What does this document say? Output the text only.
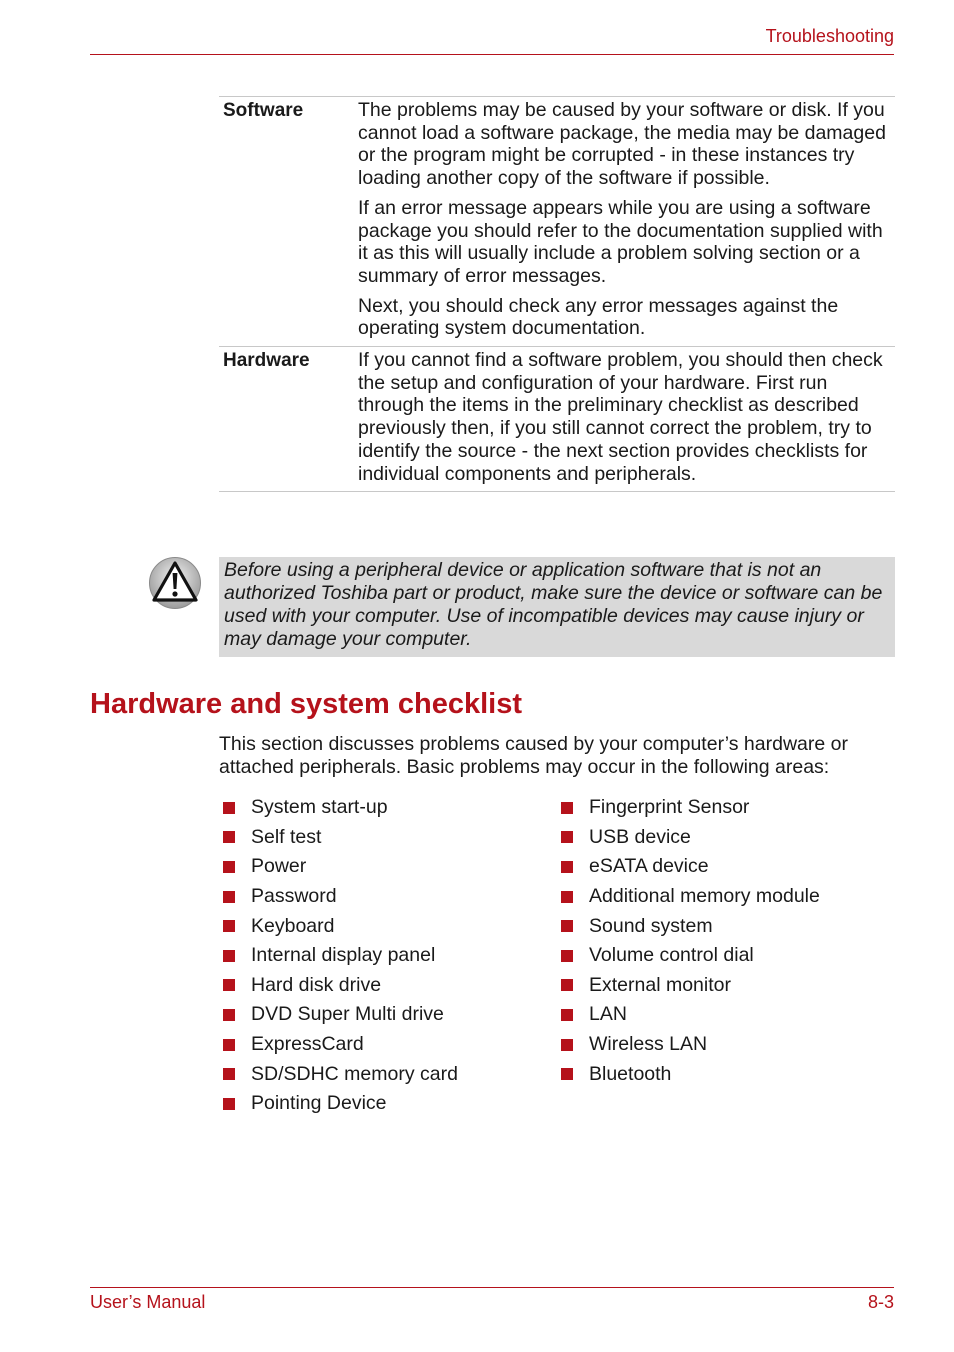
Troubleshooting
Software	The problems may be caused by your software or disk. If you cannot load a software package, the media may be damaged or the program might be corrupted - in these instances try loading another copy of the software if possible.

If an error message appears while you are using a software package you should refer to the documentation supplied with it as this will usually include a problem solving section or a summary of error messages.

Next, you should check any error messages against the operating system documentation.

Hardware	If you cannot find a software problem, you should then check the setup and configuration of your hardware. First run through the items in the preliminary checklist as described previously then, if you still cannot correct the problem, try to identify the source - the next section provides checklists for individual components and peripherals.

Before using a peripheral device or application software that is not an authorized Toshiba part or product, make sure the device or software can be used with your computer. Use of incompatible devices may cause injury or may damage your computer.
Hardware and system checklist

This section discusses problems caused by your computer’s hardware or attached peripherals. Basic problems may occur in the following areas:

System start-up
Self test
Power
Password
Keyboard
Internal display panel
Hard disk drive
DVD Super Multi drive
ExpressCard
SD/SDHC memory card
Pointing Device
Fingerprint Sensor
USB device
eSATA device
Additional memory module
Sound system
Volume control dial
External monitor
LAN
Wireless LAN
Bluetooth
User’s Manual	8-3
